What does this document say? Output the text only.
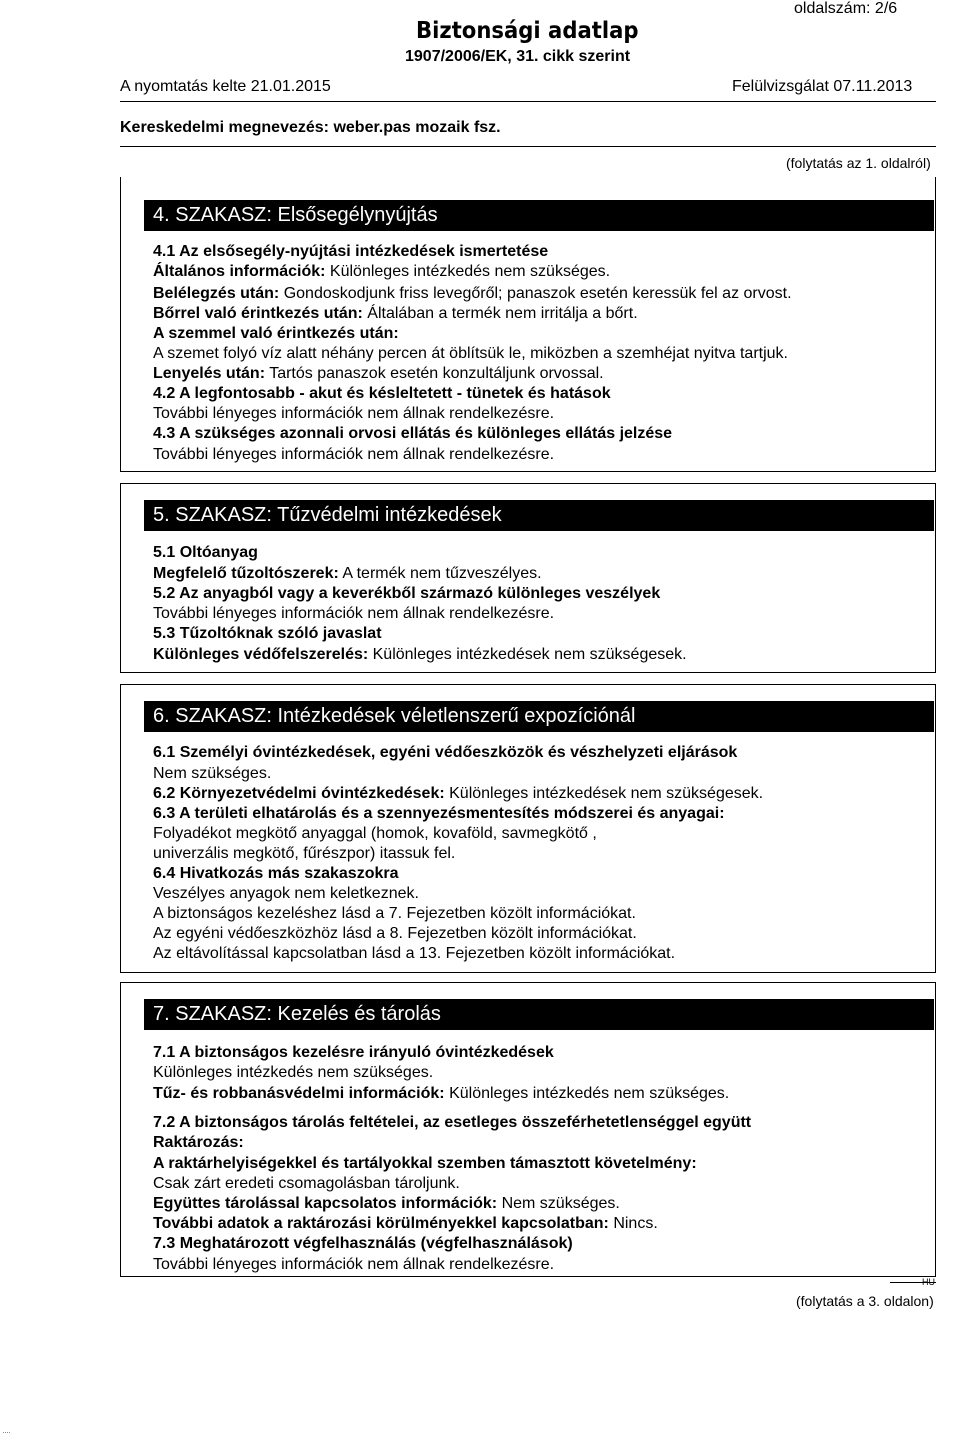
Biztonsági adatlap
1907/2006/EK, 31. cikk szerint
oldalszám: 2/6
A nyomtatás kelte 21.01.2015	Felülvizsgálat 07.11.2013
Kereskedelmi megnevezés: weber.pas mozaik fsz.
(folytatás az 1. oldalról)
4. SZAKASZ: Elsősegélynyújtás
4.1 Az elsősegély-nyújtási intézkedések ismertetése
Általános információk: Különleges intézkedés nem szükséges.
Belélegzés után: Gondoskodjunk friss levegőről; panaszok esetén keressük fel az orvost.
Bőrrel való érintkezés után: Általában a termék nem irritálja a bőrt.
A szemmel való érintkezés után:
A szemet folyó víz alatt néhány percen át öblítsük le, miközben a szemhéjat nyitva tartjuk.
Lenyelés után: Tartós panaszok esetén konzultáljunk orvossal.
4.2 A legfontosabb - akut és késleltetett - tünetek és hatások
További lényeges információk nem állnak rendelkezésre.
4.3 A szükséges azonnali orvosi ellátás és különleges ellátás jelzése
További lényeges információk nem állnak rendelkezésre.
5. SZAKASZ: Tűzvédelmi intézkedések
5.1 Oltóanyag
Megfelelő tűzoltószerek: A termék nem tűzveszélyes.
5.2 Az anyagból vagy a keverékből származó különleges veszélyek
További lényeges információk nem állnak rendelkezésre.
5.3 Tűzoltóknak szóló javaslat
Különleges védőfelszerelés: Különleges intézkedések nem szükségesek.
6. SZAKASZ: Intézkedések véletlenszerű expozíciónál
6.1 Személyi óvintézkedések, egyéni védőeszközök és vészhelyzeti eljárások
Nem szükséges.
6.2 Környezetvédelmi óvintézkedések: Különleges intézkedések nem szükségesek.
6.3 A területi elhatárolás és a szennyezésmentesítés módszerei és anyagai:
Folyadékot megkötő anyaggal (homok, kovaföld, savmegkötő ,
univerzális megkötő, fűrészpor) itassuk fel.
6.4 Hivatkozás más szakaszokra
Veszélyes anyagok nem keletkeznek.
A biztonságos kezeléshez lásd a 7. Fejezetben közölt információkat.
Az egyéni védőeszközhöz lásd a 8. Fejezetben közölt információkat.
Az eltávolítással kapcsolatban lásd a 13. Fejezetben közölt információkat.
7. SZAKASZ: Kezelés és tárolás
7.1 A biztonságos kezelésre irányuló óvintézkedések
Különleges intézkedés nem szükséges.
Tűz- és robbanásvédelmi információk: Különleges intézkedés nem szükséges.
7.2 A biztonságos tárolás feltételei, az esetleges összeférhetetlenséggel együtt
Raktározás:
A raktárhelyiségekkel és tartályokkal szemben támasztott követelmény:
Csak zárt eredeti csomagolásban tároljunk.
Együttes tárolással kapcsolatos információk: Nem szükséges.
További adatok a raktározási körülményekkel kapcsolatban: Nincs.
7.3 Meghatározott végfelhasználás (végfelhasználások)
További lényeges információk nem állnak rendelkezésre.
HU
(folytatás a 3. oldalon)
